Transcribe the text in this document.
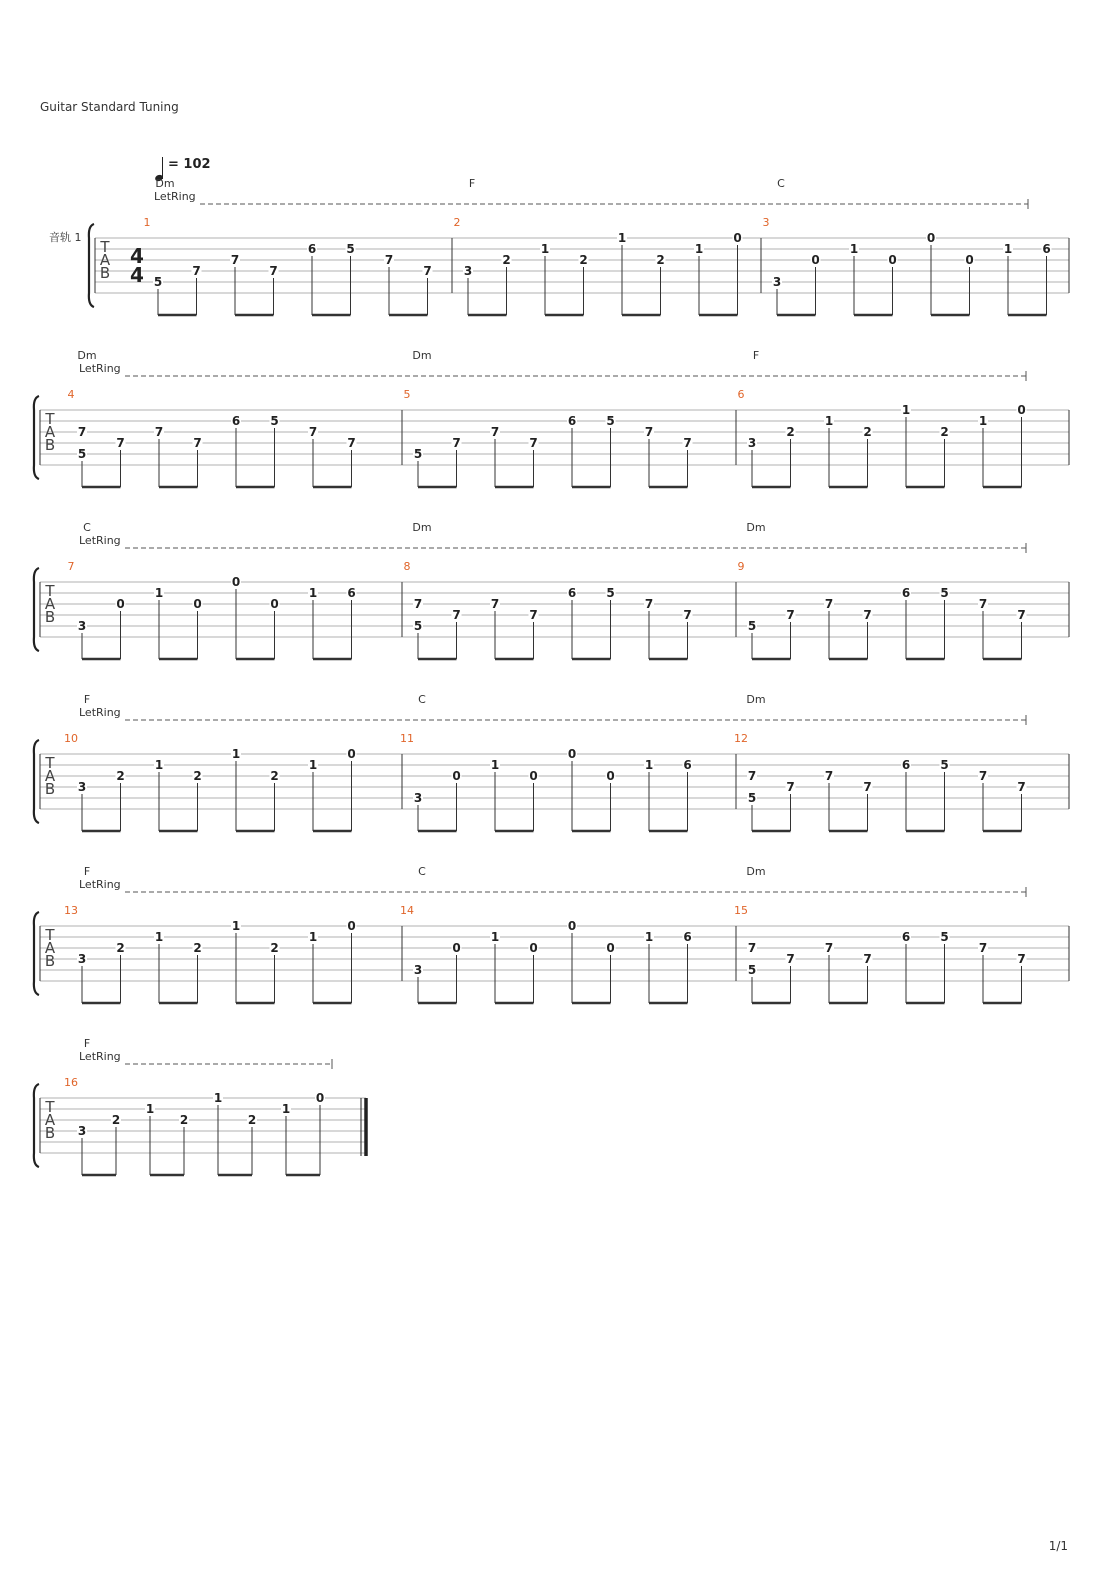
Guitar Standard Tuning
= 102
音轨 1
T
A
B
4
4
LetRing
1
Dm
5
7
7
7
6	5
7
7
2
F
3
2
1
2
1
2
1
0
3
C
3
0
1
0
0
0
1	6
T
A
B
LetRing
4
Dm
7
5
7
7
7
6	5
7
7
5
Dm
5
7
7
7
6	5
7
7
6
F
3
2
1
2
1
2
1
0
T
A
B
LetRing
7
C
3
0
1
0
0
0
1	6
8
Dm
7
5
7
7
7
6	5
7
7
9
Dm
5
7
7
7
6	5
7
7
T
A
B
LetRing
10
F
3
2
1
2
1
2
1
0
11
C
3
0
1
0
0
0
1	6
12
Dm
7
5
7
7
7
6	5
7
7
T
A
B
LetRing
13
F
3
2
1
2
1
2
1
0
14
C
3
0
1
0
0
0
1	6
15
Dm
7
5
7
7
7
6	5
7
7
T
A
B
LetRing
16
F
3
2
1
2
1
2
1
0
1/1
